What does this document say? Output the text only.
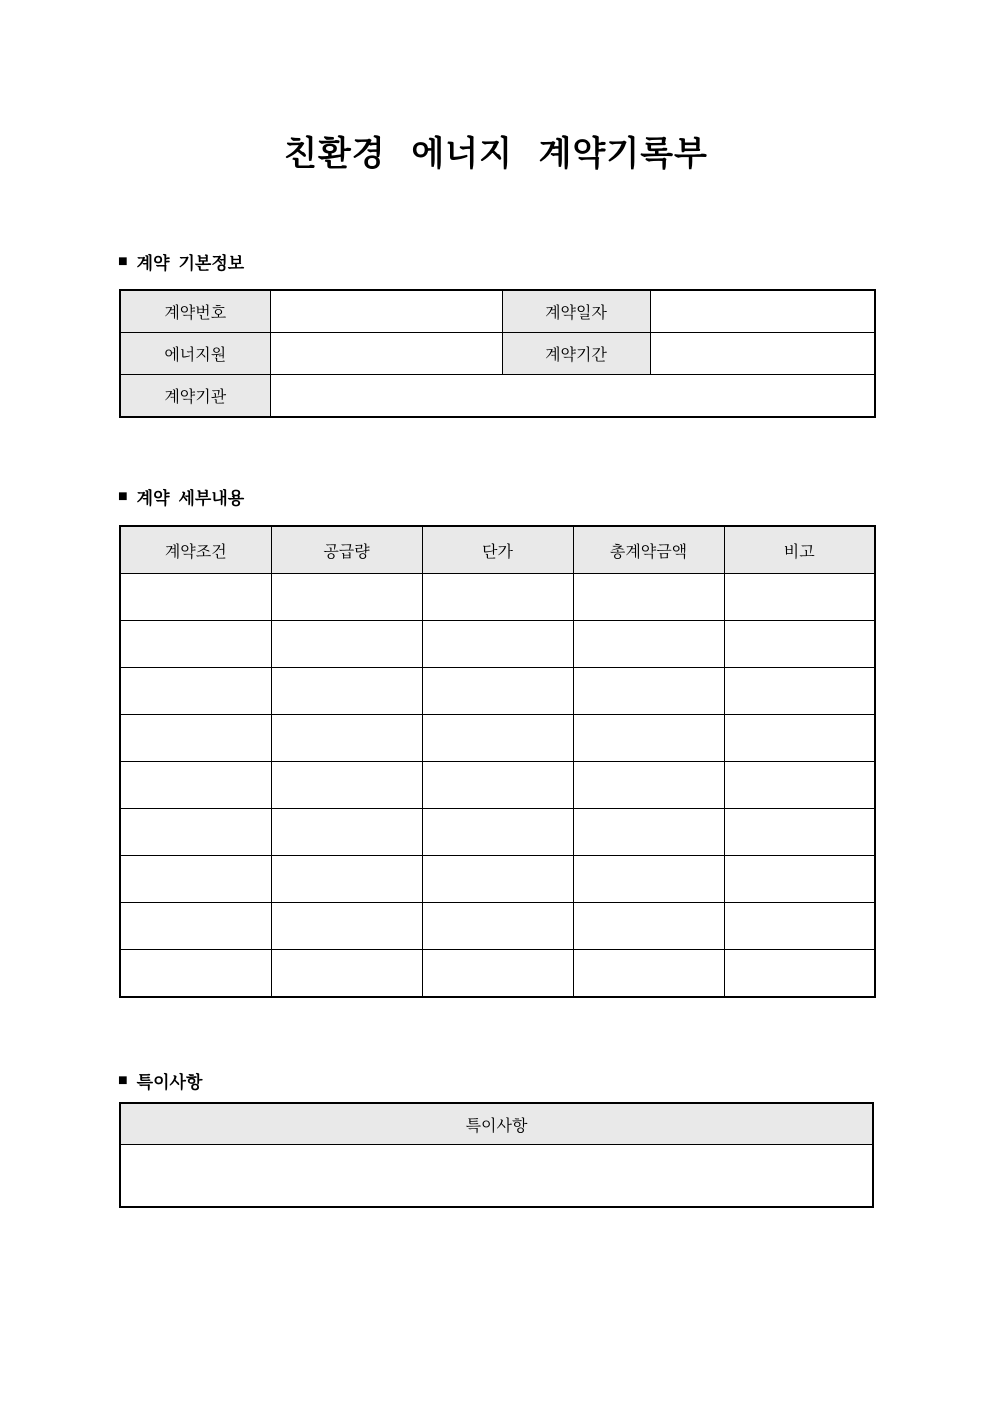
친환경 에너지 계약기록부
■ 계약 기본정보
계약번호		계약일자	
에너지원		계약기간	
계약기관			
■ 계약 세부내용
계약조건	공급량	단가	총계약금액	비고

■ 특이사항
특이사항
